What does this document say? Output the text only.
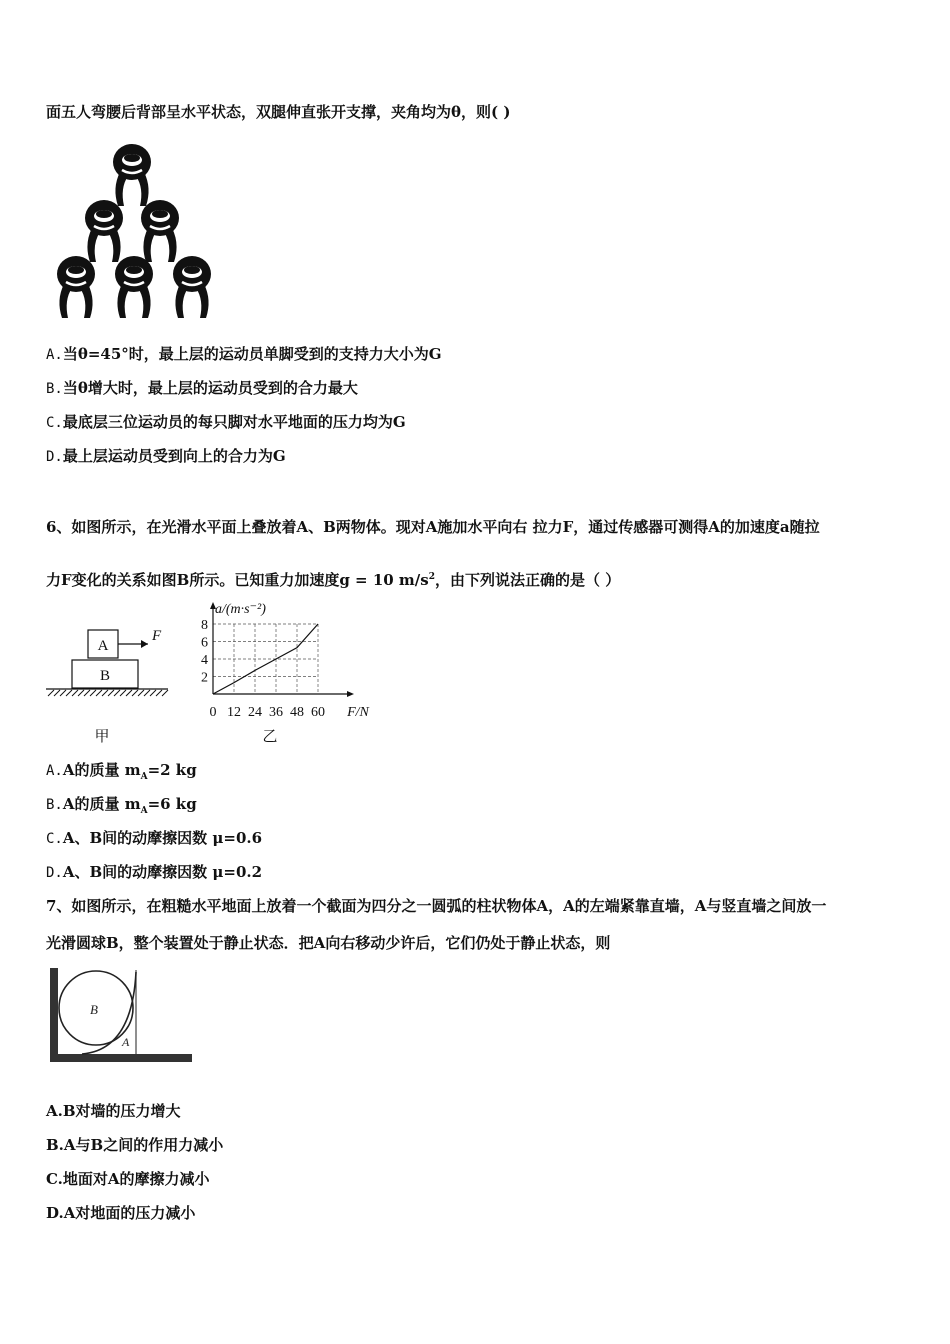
面五人弯腰后背部呈水平状态，双腿伸直张开支撑，夹角均为θ，则( )
A.当θ=45°时，最上层的运动员单脚受到的支持力大小为G
B.当θ增大时，最上层的运动员受到的合力最大
C.最底层三位运动员的每只脚对水平地面的压力均为G
D.最上层运动员受到向上的合力为G
6、如图所示，在光滑水平面上叠放着A、B两物体。现对A施加水平向右 拉力F，通过传感器可测得A的加速度a随拉
力F变化的关系如图B所示。已知重力加速度g = 10 $m/s^2$，由下列说法正确的是（ ）
A
B
F
甲
0 12 24 36 48 60
2
4
6
8
a/(m·s⁻²)
F/N
乙
A.A的质量 $m_A=2$ kg
B.A的质量 $m_A=6$ kg
C.A、B间的动摩擦因数 μ=0.6
D.A、B间的动摩擦因数 μ=0.2
7、如图所示，在粗糙水平地面上放着一个截面为四分之一圆弧的柱状物体A，A的左端紧靠直墙，A与竖直墙之间放一
光滑圆球B，整个装置处于静止状态．把A向右移动少许后，它们仍处于静止状态，则
B
A
A.B对墙的压力增大
B.A与B之间的作用力减小
C.地面对A的摩擦力减小
D.A对地面的压力减小
